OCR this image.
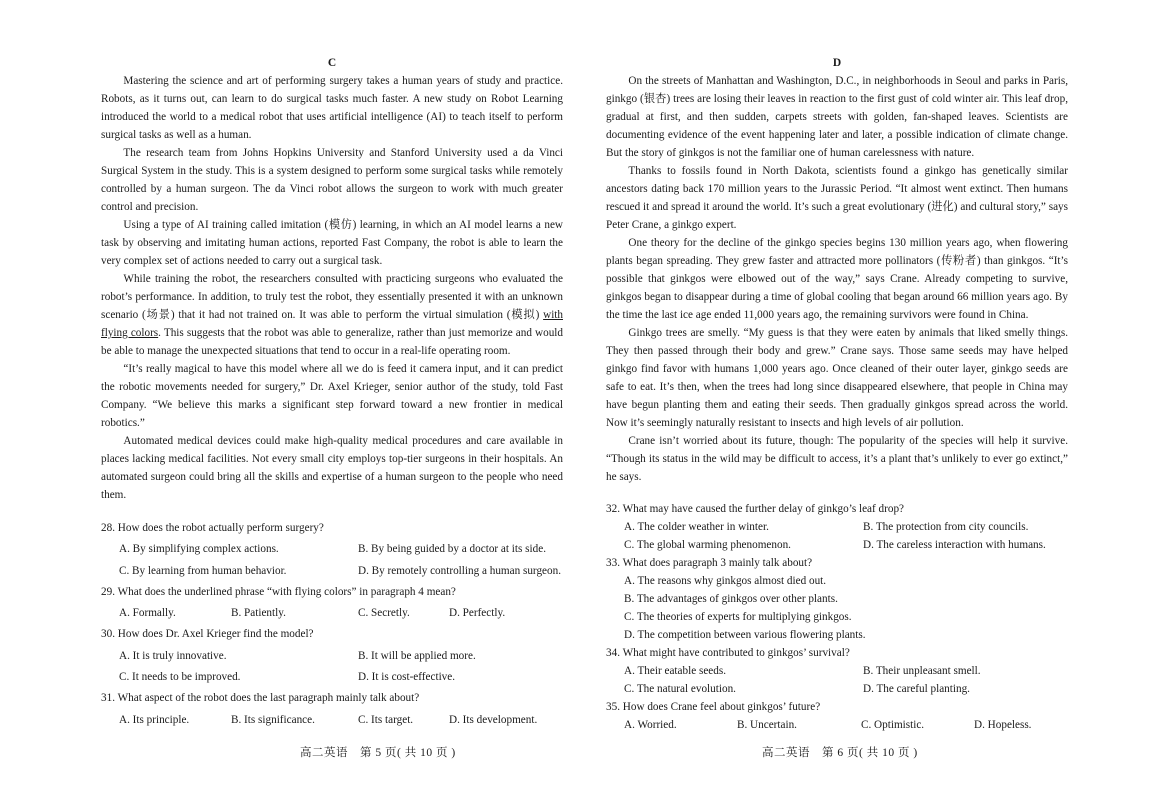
C

Mastering the science and art of performing surgery takes a human years of study and practice. Robots, as it turns out, can learn to do surgical tasks much faster. A new study on Robot Learning introduced the world to a medical robot that uses artificial intelligence (AI) to teach itself to perform surgical tasks as well as a human.

The research team from Johns Hopkins University and Stanford University used a da Vinci Surgical System in the study. This is a system designed to perform some surgical tasks while remotely controlled by a human surgeon. The da Vinci robot allows the surgeon to work with much greater control and precision.

Using a type of AI training called imitation (模仿) learning, in which an AI model learns a new task by observing and imitating human actions, reported Fast Company, the robot is able to learn the very complex set of actions needed to carry out a surgical task.

While training the robot, the researchers consulted with practicing surgeons who evaluated the robot’s performance. In addition, to truly test the robot, they essentially presented it with an unknown scenario (场景) that it had not trained on. It was able to perform the virtual simulation (模拟) with flying colors. This suggests that the robot was able to generalize, rather than just memorize and would be able to manage the unexpected situations that tend to occur in a real-life operating room.

“It’s really magical to have this model where all we do is feed it camera input, and it can predict the robotic movements needed for surgery,” Dr. Axel Krieger, senior author of the study, told Fast Company. “We believe this marks a significant step forward toward a new frontier in medical robotics.”

Automated medical devices could make high-quality medical procedures and care available in places lacking medical facilities. Not every small city employs top-tier surgeons in their hospitals. An automated surgeon could bring all the skills and expertise of a human surgeon to the people who need them.

28. How does the robot actually perform surgery?

A. By simplifying complex actions.	B. By being guided by a doctor at its side.
C. By learning from human behavior.	D. By remotely controlling a human surgeon.

29. What does the underlined phrase “with flying colors” in paragraph 4 mean?

A. Formally.	B. Patiently.	C. Secretly.	D. Perfectly.

30. How does Dr. Axel Krieger find the model?

A. It is truly innovative.	B. It will be applied more.
C. It needs to be improved.	D. It is cost-effective.

31. What aspect of the robot does the last paragraph mainly talk about?

A. Its principle.	B. Its significance.	C. Its target.	D. Its development.
D

On the streets of Manhattan and Washington, D.C., in neighborhoods in Seoul and parks in Paris, ginkgo (银杏) trees are losing their leaves in reaction to the first gust of cold winter air. This leaf drop, gradual at first, and then sudden, carpets streets with golden, fan-shaped leaves. Scientists are documenting evidence of the event happening later and later, a possible indication of climate change. But the story of ginkgos is not the familiar one of human carelessness with nature.

Thanks to fossils found in North Dakota, scientists found a ginkgo has genetically similar ancestors dating back 170 million years to the Jurassic Period. “It almost went extinct. Then humans rescued it and spread it around the world. It’s such a great evolutionary (进化) and cultural story,” says Peter Crane, a ginkgo expert.

One theory for the decline of the ginkgo species begins 130 million years ago, when flowering plants began spreading. They grew faster and attracted more pollinators (传粉者) than ginkgos. “It’s possible that ginkgos were elbowed out of the way,” says Crane. Already competing to survive, ginkgos began to disappear during a time of global cooling that began around 66 million years ago. By the time the last ice age ended 11,000 years ago, the remaining survivors were found in China.

Ginkgo trees are smelly. “My guess is that they were eaten by animals that liked smelly things. They then passed through their body and grew.” Crane says. Those same seeds may have helped ginkgo find favor with humans 1,000 years ago. Once cleaned of their outer layer, ginkgo seeds are safe to eat. It’s then, when the trees had long since disappeared elsewhere, that people in China may have begun planting them and eating their seeds. Then gradually ginkgos spread across the world. Now it’s seemingly naturally resistant to insects and high levels of air pollution.

Crane isn’t worried about its future, though: The popularity of the species will help it survive. “Though its status in the wild may be difficult to access, it’s a plant that’s unlikely to ever go extinct,” he says.

32. What may have caused the further delay of ginkgo’s leaf drop?

A. The colder weather in winter.	B. The protection from city councils.
C. The global warming phenomenon.	D. The careless interaction with humans.

33. What does paragraph 3 mainly talk about?

A. The reasons why ginkgos almost died out.
B. The advantages of ginkgos over other plants.
C. The theories of experts for multiplying ginkgos.
D. The competition between various flowering plants.

34. What might have contributed to ginkgos’ survival?

A. Their eatable seeds.	B. Their unpleasant smell.
C. The natural evolution.	D. The careful planting.

35. How does Crane feel about ginkgos’ future?

A. Worried.	B. Uncertain.	C. Optimistic.	D. Hopeless.
高二英语　第 5 页( 共 10 页 )	高二英语　第 6 页( 共 10 页 )
